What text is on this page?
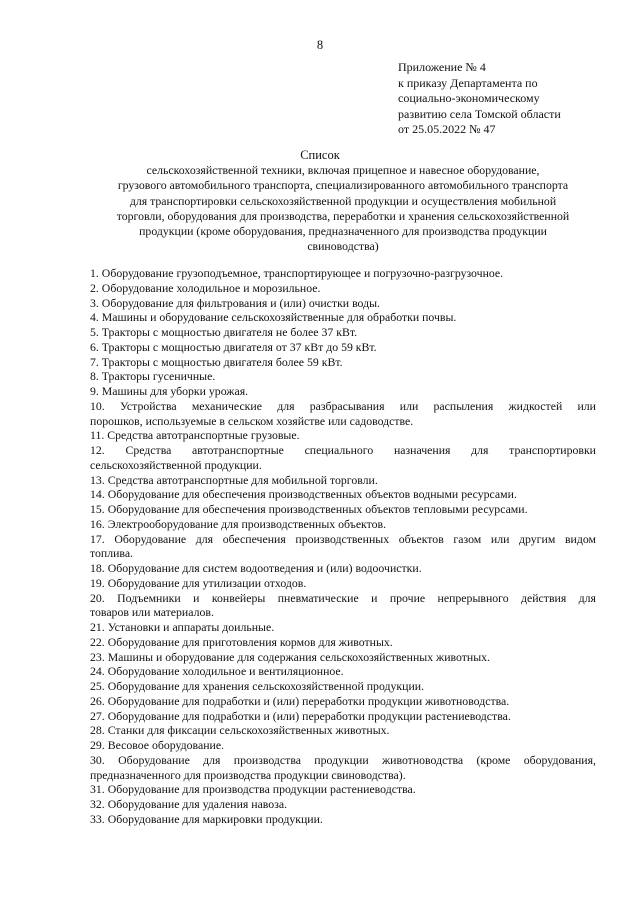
8
Приложение № 4
к приказу Департамента по
социально-экономическому
развитию села Томской области
от 25.05.2022 № 47
Список
сельскохозяйственной техники, включая прицепное и навесное оборудование,
грузового автомобильного транспорта, специализированного автомобильного транспорта
для транспортировки сельскохозяйственной продукции и осуществления мобильной
торговли, оборудования для производства, переработки и хранения сельскохозяйственной
продукции (кроме оборудования, предназначенного для производства продукции
свиноводства)
1. Оборудование грузоподъемное, транспортирующее и погрузочно-разгрузочное.
2. Оборудование холодильное и морозильное.
3. Оборудование для фильтрования и (или) очистки воды.
4. Машины и оборудование сельскохозяйственные для обработки почвы.
5. Тракторы с мощностью двигателя не более 37 кВт.
6. Тракторы с мощностью двигателя от 37 кВт до 59 кВт.
7. Тракторы с мощностью двигателя более 59 кВт.
8. Тракторы гусеничные.
9. Машины для уборки урожая.
10. Устройства механические для разбрасывания или распыления жидкостей или
порошков, используемые в сельском хозяйстве или садоводстве.
11. Средства автотранспортные грузовые.
12. Средства автотранспортные специального назначения для транспортировки
сельскохозяйственной продукции.
13. Средства автотранспортные для мобильной торговли.
14. Оборудование для обеспечения производственных объектов водными ресурсами.
15. Оборудование для обеспечения производственных объектов тепловыми ресурсами.
16. Электрооборудование для производственных объектов.
17. Оборудование для обеспечения производственных объектов газом или другим видом
топлива.
18. Оборудование для систем водоотведения и (или) водоочистки.
19. Оборудование для утилизации отходов.
20. Подъемники и конвейеры пневматические и прочие непрерывного действия для
товаров или материалов.
21. Установки и аппараты доильные.
22. Оборудование для приготовления кормов для животных.
23. Машины и оборудование для содержания сельскохозяйственных животных.
24. Оборудование холодильное и вентиляционное.
25. Оборудование для хранения сельскохозяйственной продукции.
26. Оборудование для подработки и (или) переработки продукции животноводства.
27. Оборудование для подработки и (или) переработки продукции растениеводства.
28. Станки для фиксации сельскохозяйственных животных.
29. Весовое оборудование.
30. Оборудование для производства продукции животноводства (кроме оборудования,
предназначенного для производства продукции свиноводства).
31. Оборудование для производства продукции растениеводства.
32. Оборудование для удаления навоза.
33. Оборудование для маркировки продукции.
